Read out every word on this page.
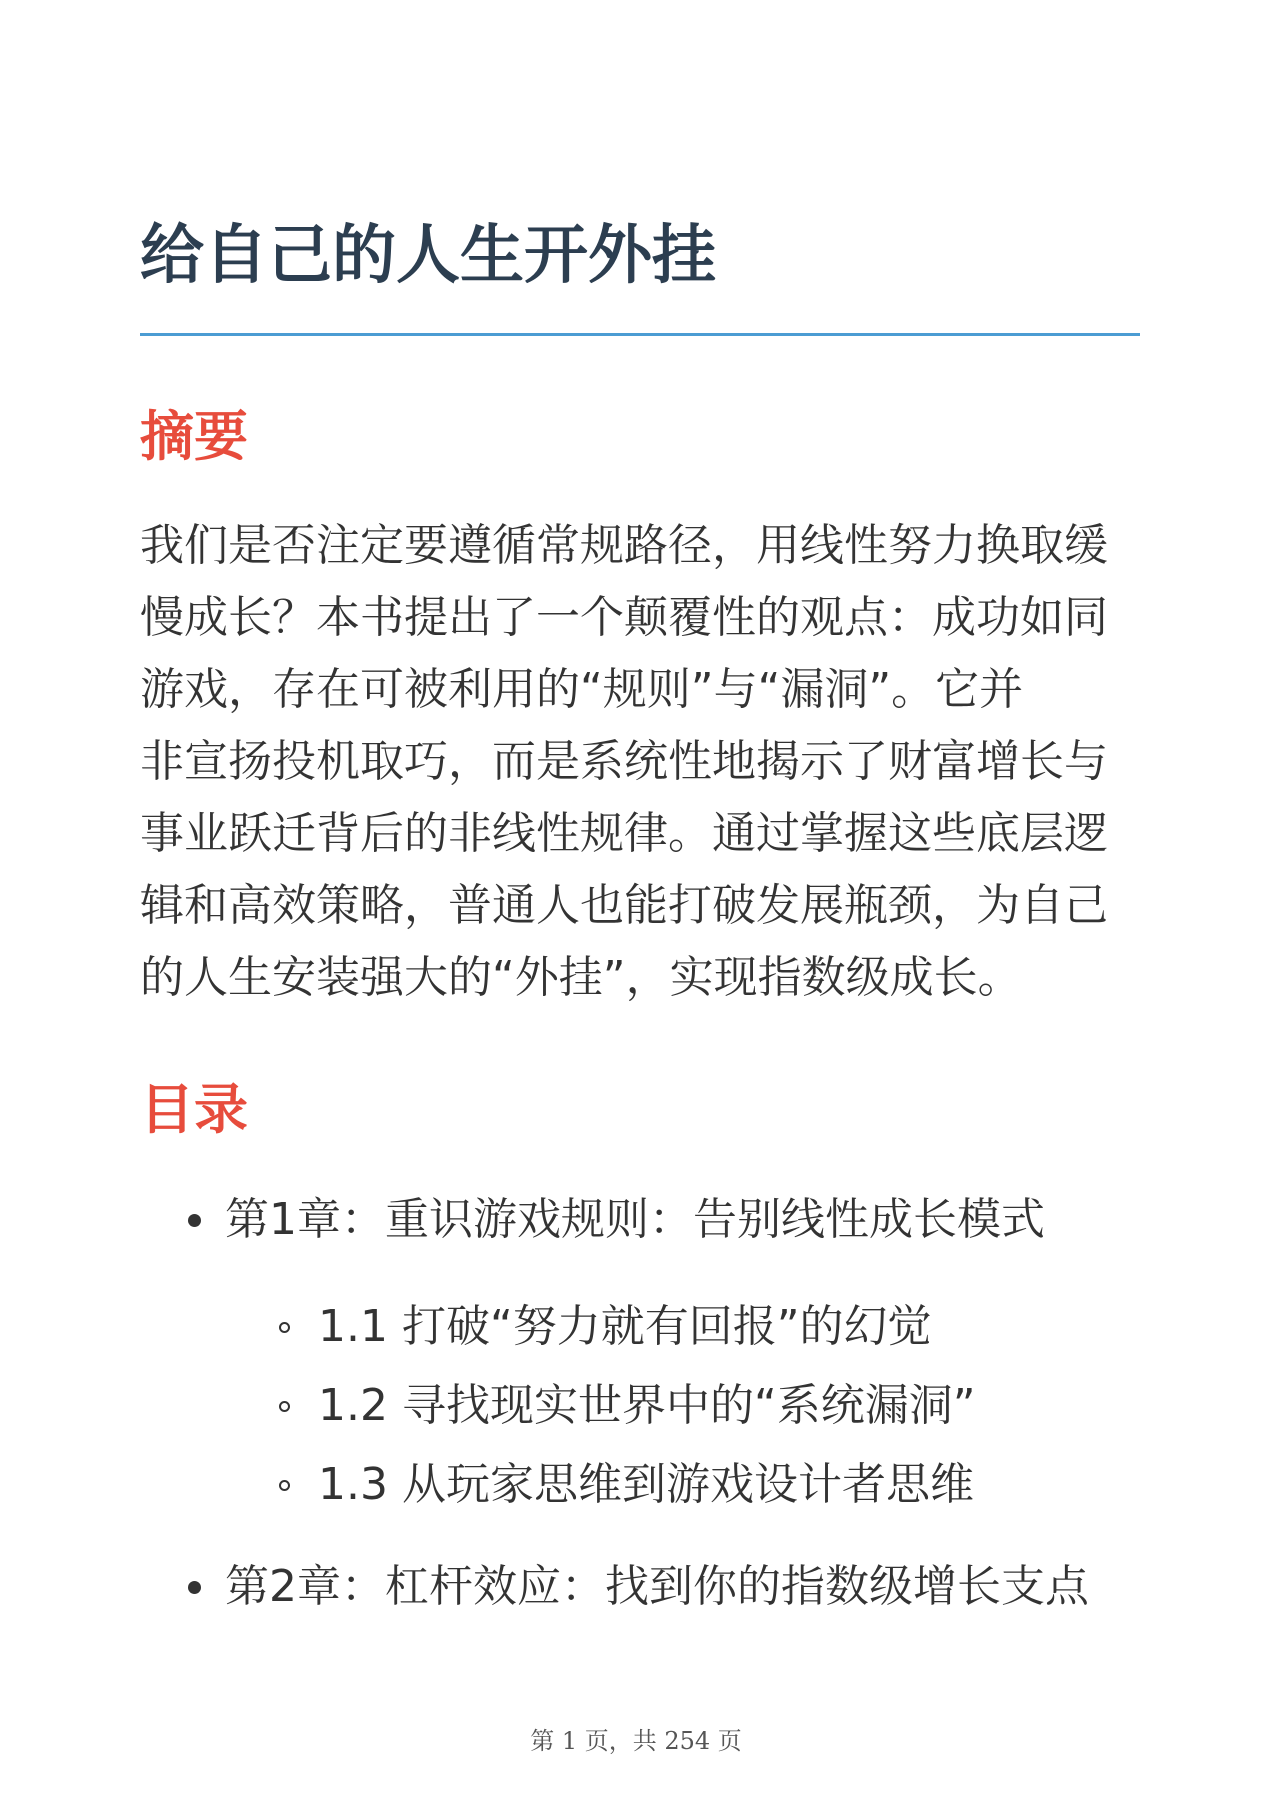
给自己的人生开外挂
摘要
我们是否注定要遵循常规路径，用线性努力换取缓
慢成长？本书提出了一个颠覆性的观点：成功如同
游戏，存在可被利用的“规则”与“漏洞”。它并
非宣扬投机取巧，而是系统性地揭示了财富增长与
事业跃迁背后的非线性规律。通过掌握这些底层逻
辑和高效策略，普通人也能打破发展瓶颈，为自己
的人生安装强大的“外挂”，实现指数级成长。
目录
第1章：重识游戏规则：告别线性成长模式
1.1 打破“努力就有回报”的幻觉
1.2 寻找现实世界中的“系统漏洞”
1.3 从玩家思维到游戏设计者思维
第2章：杠杆效应：找到你的指数级增长支点
第 1 页，共 254 页
